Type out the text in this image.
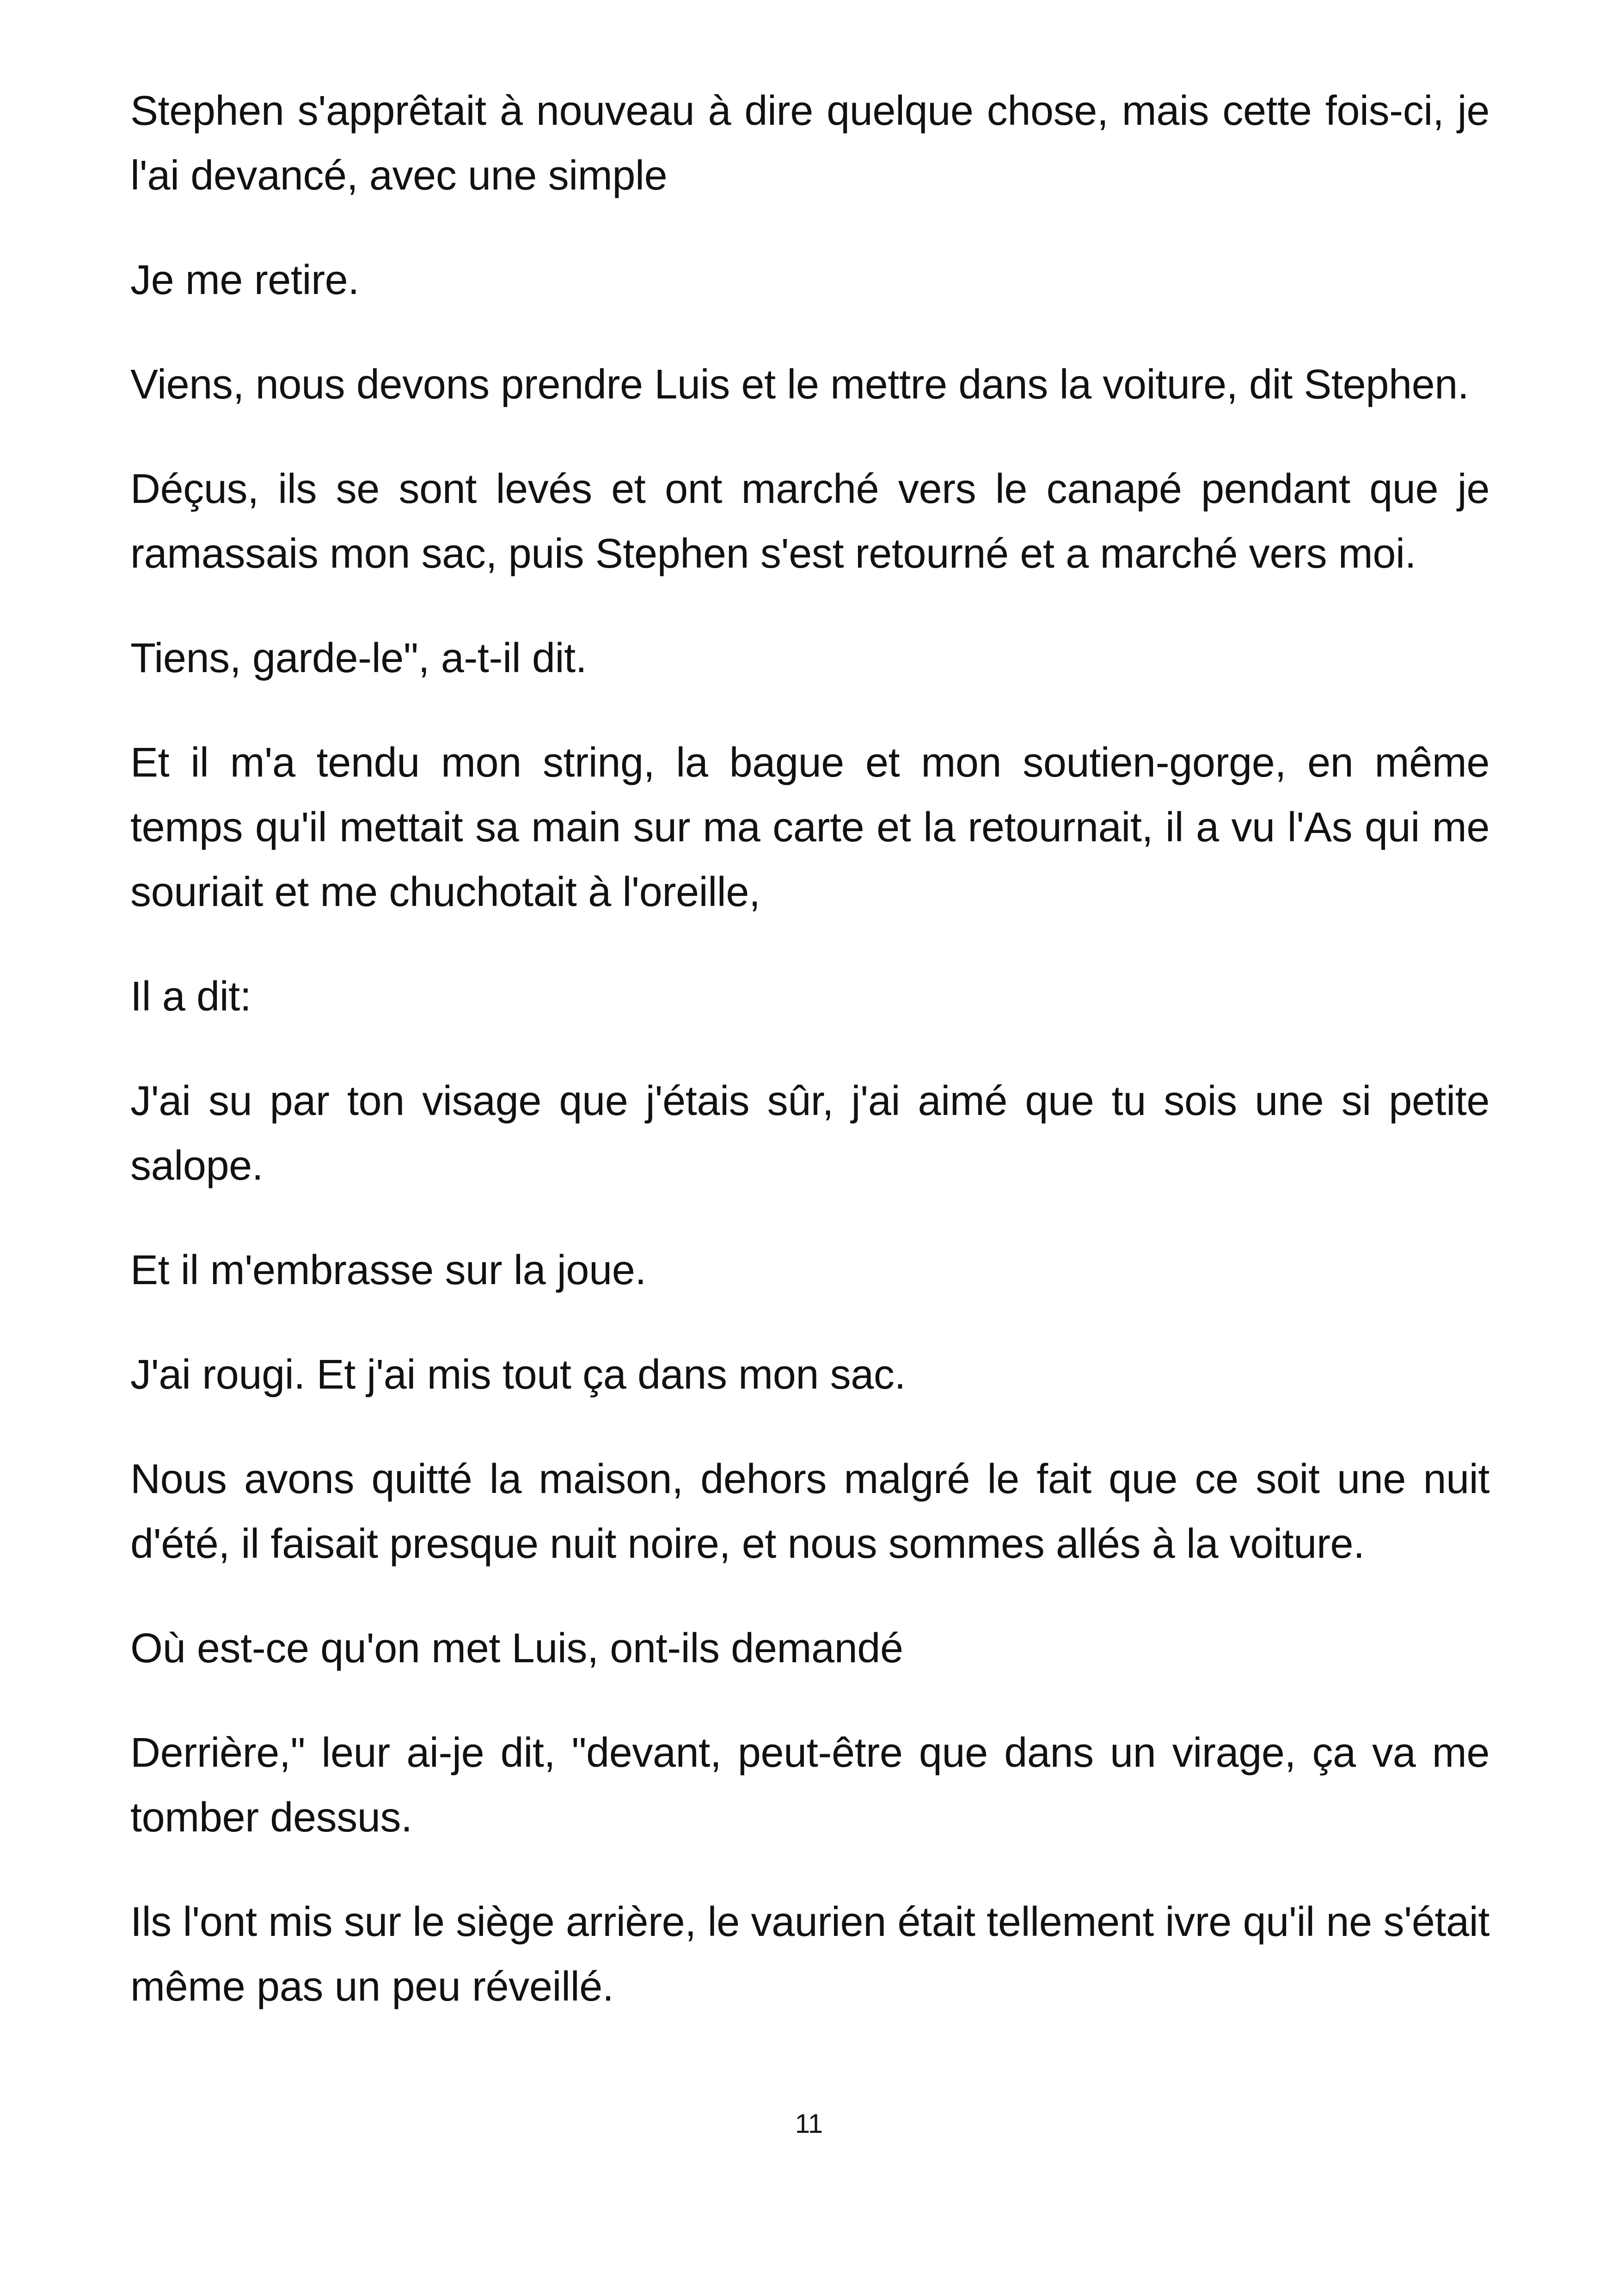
Stephen s'apprêtait à nouveau à dire quelque chose, mais cette fois-ci, je l'ai devancé, avec une simple

Je me retire.

Viens, nous devons prendre Luis et le mettre dans la voiture, dit Stephen.

Déçus, ils se sont levés et ont marché vers le canapé pendant que je ramassais mon sac, puis Stephen s'est retourné et a marché vers moi.

Tiens, garde-le", a-t-il dit.

Et il m'a tendu mon string, la bague et mon soutien-gorge, en même temps qu'il mettait sa main sur ma carte et la retournait, il a vu l'As qui me souriait et me chuchotait à l'oreille,

Il a dit:

J'ai su par ton visage que j'étais sûr, j'ai aimé que tu sois une si petite salope.

Et il m'embrasse sur la joue.

J'ai rougi. Et j'ai mis tout ça dans mon sac.

Nous avons quitté la maison, dehors malgré le fait que ce soit une nuit d'été, il faisait presque nuit noire, et nous sommes allés à la voiture.

Où est-ce qu'on met Luis, ont-ils demandé

Derrière," leur ai-je dit, "devant, peut-être que dans un virage, ça va me tomber dessus.

Ils l'ont mis sur le siège arrière, le vaurien était tellement ivre qu'il ne s'était même pas un peu réveillé.

11
